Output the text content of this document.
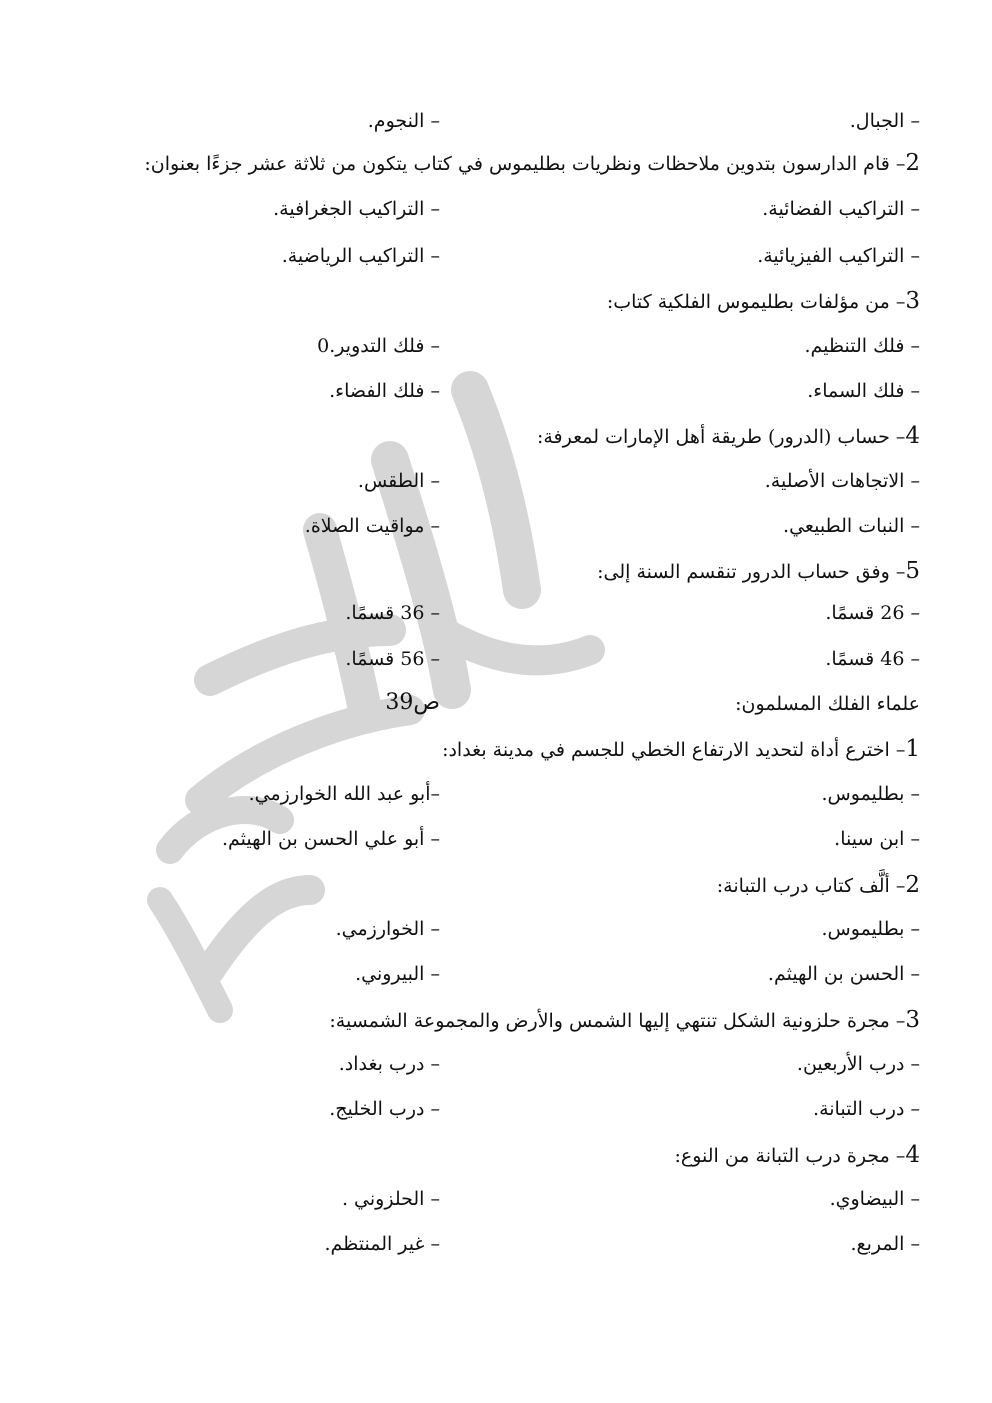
– الجبال.
– النجوم.
2– قام الدارسون بتدوين ملاحظات ونظريات بطليموس في كتاب يتكون من ثلاثة عشر جزءًا بعنوان:
– التراكيب الفضائية.
– التراكيب الجغرافية.
– التراكيب الفيزيائية.
– التراكيب الرياضية.
3– من مؤلفات بطليموس الفلكية كتاب:
– فلك التنظيم.
– فلك التدوير.0
– فلك السماء.
– فلك الفضاء.
4– حساب (الدرور) طريقة أهل الإمارات لمعرفة:
– الاتجاهات الأصلية.
– الطقس.
– النبات الطبيعي.
– مواقيت الصلاة.
5– وفق حساب الدرور تنقسم السنة إلى:
– 26 قسمًا.
– 36 قسمًا.
– 46 قسمًا.
– 56 قسمًا.
علماء الفلك المسلمون:
ص39
1– اخترع أداة لتحديد الارتفاع الخطي للجسم في مدينة بغداد:
– بطليموس.
–أبو عبد الله الخوارزمي.
– ابن سينا.
– أبو علي الحسن بن الهيثم.
2– ألَّف كتاب درب التبانة:
– بطليموس.
– الخوارزمي.
– الحسن بن الهيثم.
– البيروني.
3– مجرة حلزونية الشكل تنتهي إليها الشمس والأرض والمجموعة الشمسية:
– درب الأربعين.
– درب بغداد.
– درب التبانة.
– درب الخليج.
4– مجرة درب التبانة من النوع:
– البيضاوي.
– الحلزوني .
– المربع.
– غير المنتظم.
